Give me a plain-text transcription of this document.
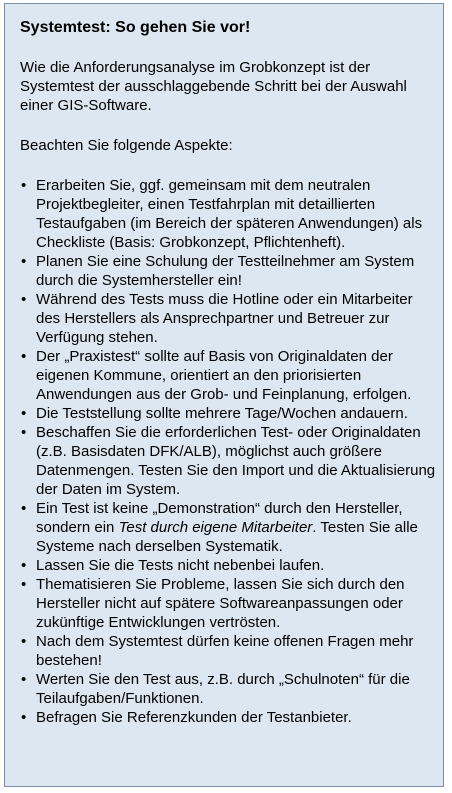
Systemtest: So gehen Sie vor!
Wie die Anforderungsanalyse im Grobkonzept ist der Systemtest der ausschlaggebende Schritt bei der Auswahl einer GIS-Software.
Beachten Sie folgende Aspekte:
• Erarbeiten Sie, ggf. gemeinsam mit dem neutralen Projektbegleiter, einen Testfahrplan mit detaillierten Testaufgaben (im Bereich der späteren Anwendungen) als Checkliste (Basis: Grobkonzept, Pflichtenheft).
• Planen Sie eine Schulung der Testteilnehmer am System durch die Systemhersteller ein!
• Während des Tests muss die Hotline oder ein Mitarbeiter des Herstellers als Ansprechpartner und Betreuer zur Verfügung stehen.
• Der „Praxistest“ sollte auf Basis von Originaldaten der eigenen Kommune, orientiert an den priorisierten Anwendungen aus der Grob- und Feinplanung, erfolgen.
• Die Teststellung sollte mehrere Tage/Wochen andauern.
• Beschaffen Sie die erforderlichen Test- oder Originaldaten (z.B. Basisdaten DFK/ALB), möglichst auch größere Datenmengen. Testen Sie den Import und die Aktualisierung der Daten im System.
• Ein Test ist keine „Demonstration“ durch den Hersteller, sondern ein Test durch eigene Mitarbeiter. Testen Sie alle Systeme nach derselben Systematik.
• Lassen Sie die Tests nicht nebenbei laufen.
• Thematisieren Sie Probleme, lassen Sie sich durch den Hersteller nicht auf spätere Softwareanpassungen oder zukünftige Entwicklungen vertrösten.
• Nach dem Systemtest dürfen keine offenen Fragen mehr bestehen!
• Werten Sie den Test aus, z.B. durch „Schulnoten“ für die Teilaufgaben/Funktionen.
• Befragen Sie Referenzkunden der Testanbieter.
